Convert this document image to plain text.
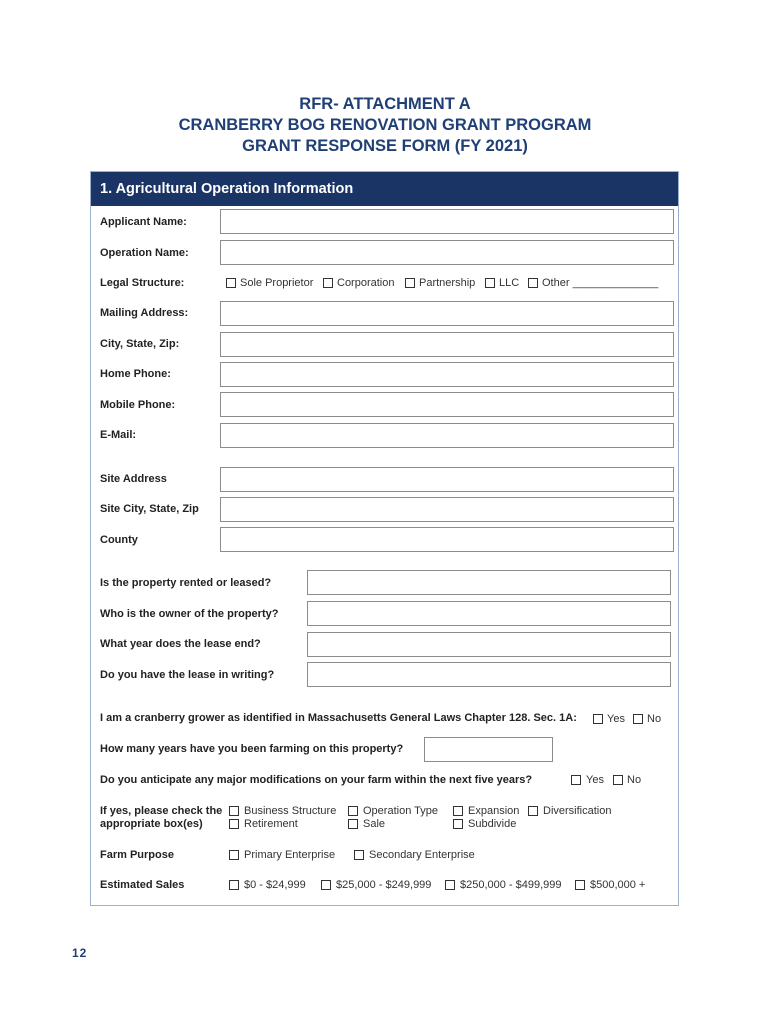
RFR- ATTACHMENT A
CRANBERRY BOG RENOVATION GRANT PROGRAM
GRANT RESPONSE FORM (FY 2021)
1. Agricultural Operation Information
Applicant Name:
Operation Name:
Legal Structure:	Sole Proprietor Corporation Partnership LLC Other ______________
Mailing Address:
City, State, Zip:
Home Phone:
Mobile Phone:
E-Mail:
Site Address
Site City, State, Zip
County
Is the property rented or leased?
Who is the owner of the property?
What year does the lease end?
Do you have the lease in writing?
I am a cranberry grower as identified in Massachusetts General Laws Chapter 128. Sec. 1A:	Yes No
How many years have you been farming on this property?
Do you anticipate any major modifications on your farm within the next five years?	Yes No
If yes, please check the
appropriate box(es)
Business Structure Operation Type	Expansion Diversification
Retirement	Sale	Subdivide
Farm Purpose	Primary Enterprise	Secondary Enterprise
Estimated Sales	$0 - $24,999	$25,000 - $249,999	$250,000 - $499,999	$500,000 +
12
